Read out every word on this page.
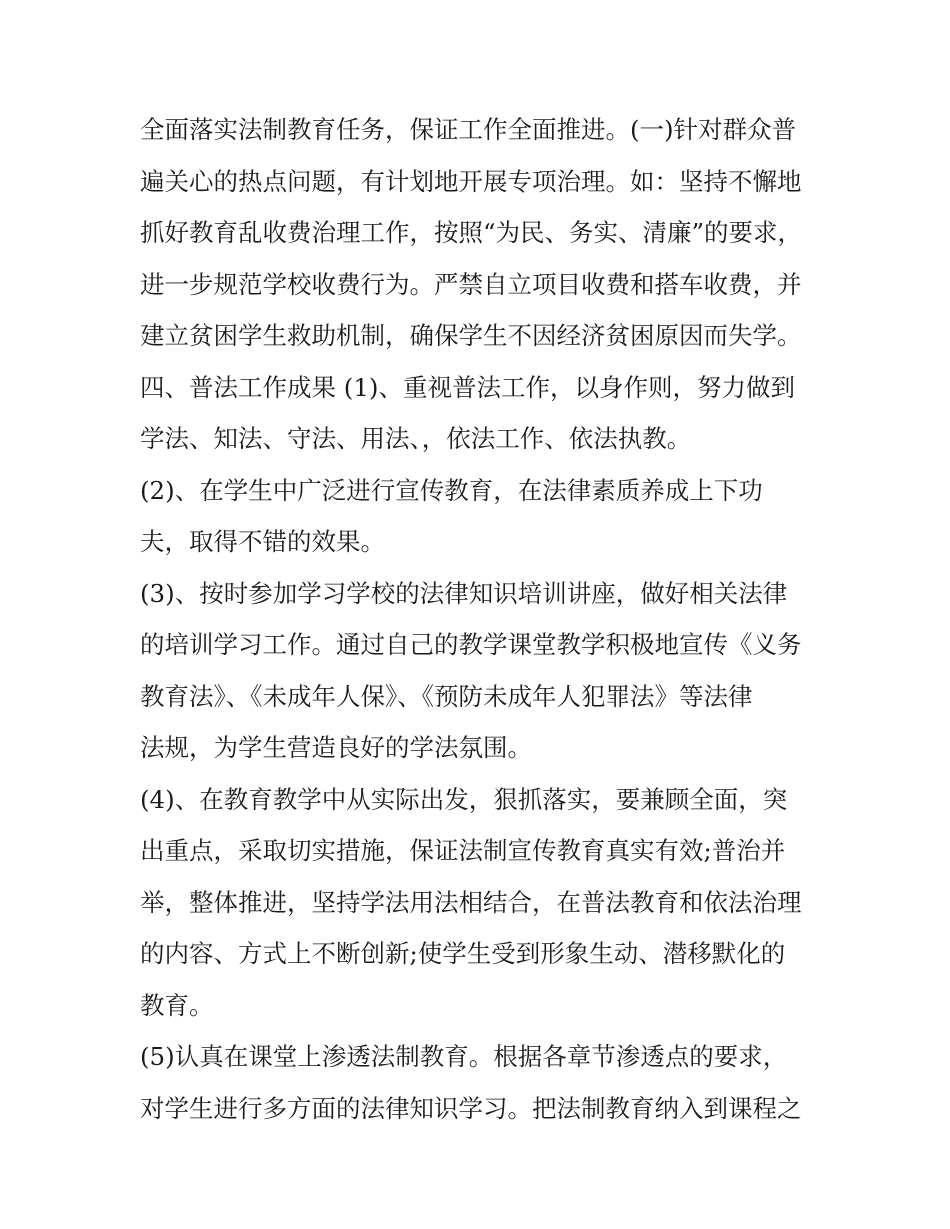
全面落实法制教育任务，保证工作全面推进。(一)针对群众普
遍关心的热点问题，有计划地开展专项治理。如：坚持不懈地
抓好教育乱收费治理工作，按照“为民、务实、清廉”的要求，
进一步规范学校收费行为。严禁自立项目收费和搭车收费，并
建立贫困学生救助机制，确保学生不因经济贫困原因而失学。
四、普法工作成果 (1)、重视普法工作，以身作则，努力做到
学法、知法、守法、用法、，依法工作、依法执教。
(2)、在学生中广泛进行宣传教育，在法律素质养成上下功
夫，取得不错的效果。
(3)、按时参加学习学校的法律知识培训讲座，做好相关法律
的培训学习工作。通过自己的教学课堂教学积极地宣传《义务
教育法》、《未成年人保》、《预防未成年人犯罪法》等法律
法规，为学生营造良好的学法氛围。
(4)、在教育教学中从实际出发，狠抓落实，要兼顾全面，突
出重点，采取切实措施，保证法制宣传教育真实有效;普治并
举，整体推进，坚持学法用法相结合，在普法教育和依法治理
的内容、方式上不断创新;使学生受到形象生动、潜移默化的
教育。
(5)认真在课堂上渗透法制教育。根据各章节渗透点的要求，
对学生进行多方面的法律知识学习。把法制教育纳入到课程之
